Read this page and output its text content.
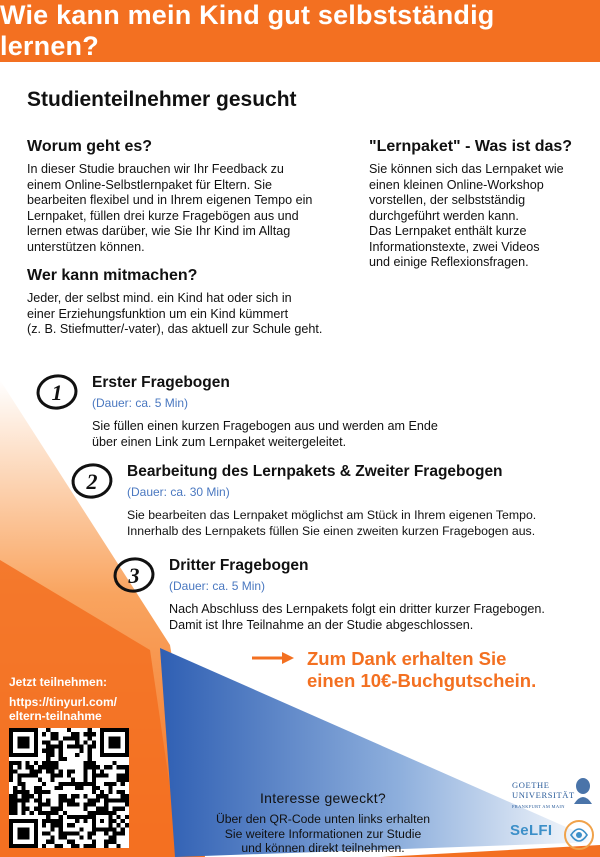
Wie kann mein Kind gut selbstständig lernen?
Studienteilnehmer gesucht
Worum geht es?

In dieser Studie brauchen wir Ihr Feedback zu
einem Online-Selbstlernpaket für Eltern. Sie
bearbeiten flexibel und in Ihrem eigenen Tempo ein
Lernpaket, füllen drei kurze Fragebögen aus und
lernen etwas darüber, wie Sie Ihr Kind im Alltag
unterstützen können.

Wer kann mitmachen?

Jeder, der selbst mind. ein Kind hat oder sich in
einer Erziehungsfunktion um ein Kind kümmert
(z. B. Stiefmutter/-vater), das aktuell zur Schule geht.

"Lernpaket" - Was ist das?

Sie können sich das Lernpaket wie
einen kleinen Online-Workshop
vorstellen, der selbstständig
durchgeführt werden kann.
Das Lernpaket enthält kurze
Informationstexte, zwei Videos
und einige Reflexionsfragen.

1 Erster Fragebogen
(Dauer: ca. 5 Min)
Sie füllen einen kurzen Fragebogen aus und werden am Ende
über einen Link zum Lernpaket weitergeleitet.
2 Bearbeitung des Lernpakets & Zweiter Fragebogen
(Dauer: ca. 30 Min)
Sie bearbeiten das Lernpaket möglichst am Stück in Ihrem eigenen Tempo.
Innerhalb des Lernpakets füllen Sie einen zweiten kurzen Fragebogen aus.
3 Dritter Fragebogen
(Dauer: ca. 5 Min)
Nach Abschluss des Lernpakets folgt ein dritter kurzer Fragebogen.
Damit ist Ihre Teilnahme an der Studie abgeschlossen.
Zum Dank erhalten Sie
einen 10€-Buchgutschein.
Jetzt teilnehmen:
https://tinyurl.com/
eltern-teilnahme
Interesse geweckt?

Über den QR-Code unten links erhalten
Sie weitere Informationen zur Studie
und können direkt teilnehmen.

GOETHE
UNIVERSITÄT
FRANKFURT AM MAIN
SeLFI
